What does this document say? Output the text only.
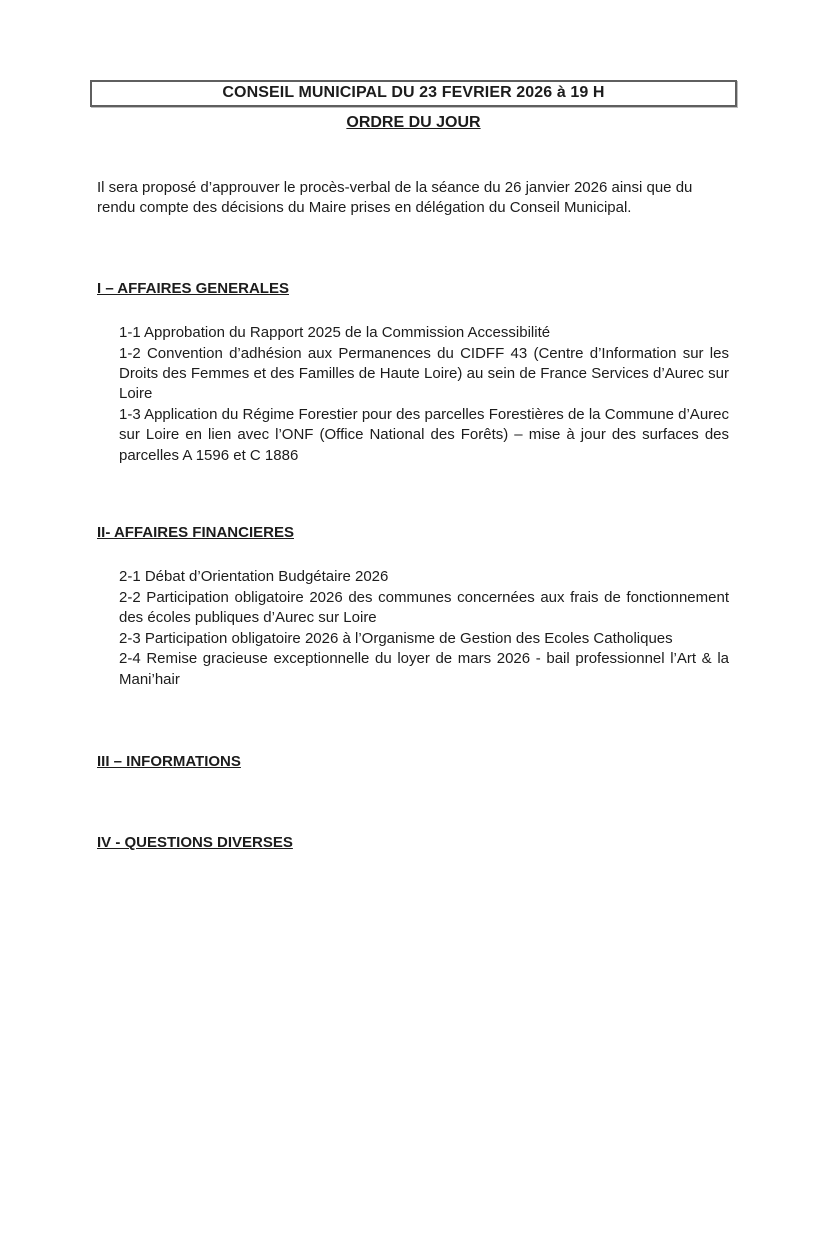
CONSEIL MUNICIPAL DU 23 FEVRIER 2026 à 19 H
ORDRE DU JOUR

Il sera proposé d’approuver le procès-verbal de la séance du 26 janvier 2026 ainsi que du rendu compte des décisions du Maire prises en délégation du Conseil Municipal.

I – AFFAIRES GENERALES

1-1 Approbation du Rapport 2025 de la Commission Accessibilité

1-2 Convention d’adhésion aux Permanences du CIDFF 43 (Centre d’Information sur les Droits des Femmes et des Familles de Haute Loire) au sein de France Services d’Aurec sur Loire

1-3 Application du Régime Forestier pour des parcelles Forestières de la Commune d’Aurec sur Loire en lien avec l’ONF (Office National des Forêts) – mise à jour des surfaces des parcelles A 1596 et C 1886

II- AFFAIRES FINANCIERES

2-1 Débat d’Orientation Budgétaire 2026

2-2 Participation obligatoire 2026 des communes concernées aux frais de fonctionnement des écoles publiques d’Aurec sur Loire

2-3 Participation obligatoire 2026 à l’Organisme de Gestion des Ecoles Catholiques

2-4 Remise gracieuse exceptionnelle du loyer de mars 2026 - bail professionnel l’Art & la Mani’hair

III – INFORMATIONS

IV - QUESTIONS DIVERSES
